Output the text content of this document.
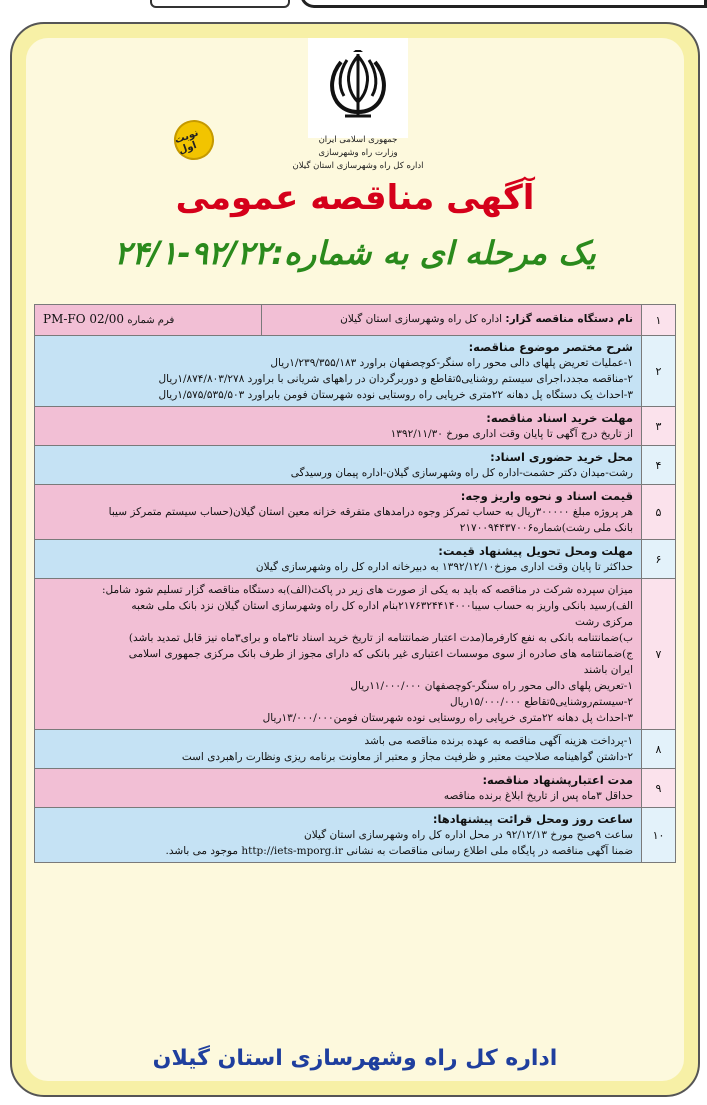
جمهوری اسلامی ایران
وزارت راه وشهرسازی
اداره کل راه وشهرسازی استان گیلان
نوبت اول
آگهی مناقصه عمومی
یک مرحله ای به شماره:۹۲/۲۲-۲۴/۱
۱
نام دستگاه مناقصه گزار: اداره کل راه وشهرسازی استان گیلان
فرم شماره PM-FO 02/00
۲
شرح مختصر موضوع مناقصه:
۱-عملیات تعریض پلهای دالی محور راه سنگر-کوچصفهان براورد ۱/۲۳۹/۳۵۵/۱۸۳ریال
۲-مناقصه مجدد،اجرای سیستم روشنایی۵تقاطع و دوربرگردان در راههای شریانی با براورد ۱/۸۷۴/۸۰۳/۲۷۸ریال
۳-احداث یک دستگاه پل دهانه ۲۲متری خرپایی راه روستایی نوده شهرستان فومن بابراورد ۱/۵۷۵/۵۳۵/۵۰۳ریال
۳
مهلت خرید اسناد مناقصه:
از تاریخ درج آگهی تا پایان وقت اداری مورخ ۱۳۹۲/۱۱/۳۰
۴
محل خرید حضوری اسناد:
رشت-میدان دکتر حشمت-اداره کل راه وشهرسازی گیلان-اداره پیمان ورسیدگی
۵
قیمت اسناد و نحوه واریز وجه:
هر پروژه مبلغ ۳۰۰۰۰۰ریال به حساب تمرکز وجوه درامدهای متفرقه خزانه معین استان گیلان(حساب سیستم متمرکز سیبا
بانک ملی رشت)شماره۲۱۷۰۰۹۴۴۳۷۰۰۶
۶
مهلت ومحل تحویل پیشنهاد قیمت:
حداکثر تا پایان وقت اداری موزخ۱۳۹۲/۱۲/۱۰ به دبیرخانه اداره کل راه وشهرسازی گیلان
۷
میزان سپرده شرکت در مناقصه که باید به یکی از صورت های زیر در پاکت(الف)به دستگاه مناقصه گزار تسلیم شود شامل:
الف)رسید بانکی واریز به حساب سیبا۲۱۷۶۳۲۴۴۱۴۰۰۰بنام اداره کل راه وشهرسازی استان گیلان نزد بانک ملی شعبه
مرکزی رشت
ب)ضمانتنامه بانکی به نفع کارفرما(مدت اعتبار ضمانتنامه از تاریخ خرید اسناد تا۳ماه و برای۳ماه نیز قابل تمدید باشد)
ج)ضمانتنامه های صادره از سوی موسسات اعتباری غیر بانکی که دارای مجوز از طرف بانک مرکزی جمهوری اسلامی
ایران باشند
۱-تعریض پلهای دالی محور راه سنگر-کوچصفهان ۱۱/۰۰۰/۰۰۰ریال
۲-سیستم‌روشنایی۵تقاطع ۱۵/۰۰۰/۰۰۰ریال
۳-احداث پل دهانه ۲۲متری خرپایی راه روستایی نوده شهرستان فومن۱۳/۰۰۰/۰۰۰ریال
۸
۱-پرداخت هزینه آگهی مناقصه به عهده برنده مناقصه می باشد
۲-داشتن گواهینامه صلاحیت معتبر و ظرفیت مجاز و معتبر از معاونت برنامه ریزی ونظارت راهبردی است
۹
مدت اعتبارپشنهاد مناقصه:
حداقل ۳ماه پس از تاریخ ابلاغ برنده مناقصه
۱۰
ساعت روز ومحل قرائت پیشنهادها:
ساعت ۹صبح مورخ ۹۲/۱۲/۱۳ در محل اداره کل راه وشهرسازی استان گیلان
ضمنا آگهی مناقصه در پایگاه ملی اطلاع رسانی مناقصات به نشانی http://iets-mporg.ir موجود می باشد.
اداره کل راه وشهرسازی استان گیلان
